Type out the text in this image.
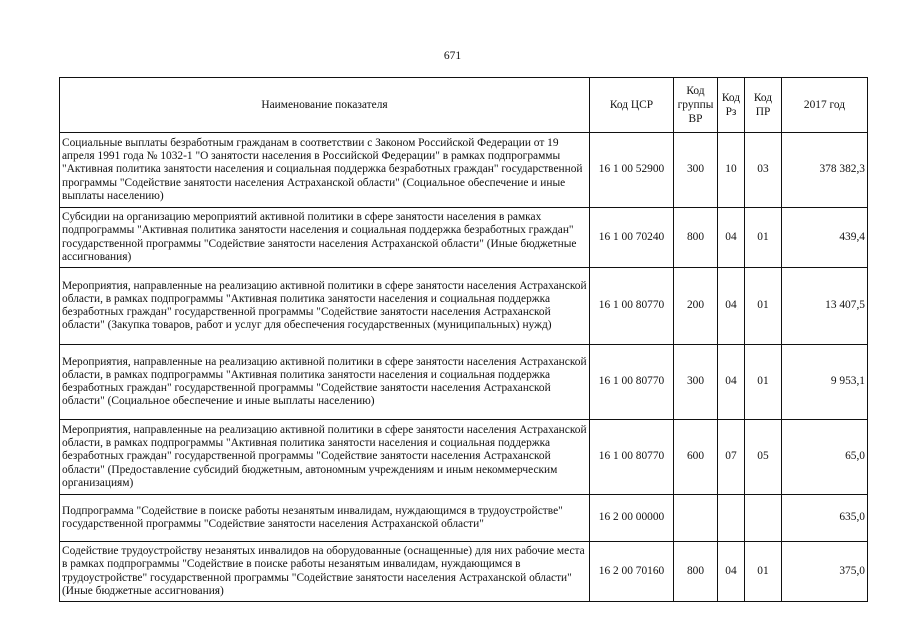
671
Наименование показателя	Код ЦСР	Код группы ВР	Код Рз	Код ПР	2017 год
Социальные выплаты безработным гражданам в соответствии с Законом Российской Федерации от 19 апреля 1991 года № 1032-1 "О занятости населения в Российской Федерации" в рамках подпрограммы "Активная политика занятости населения и социальная поддержка безработных граждан" государственной программы "Содействие занятости населения Астраханской области" (Социальное обеспечение и иные выплаты населению)	16 1 00 52900	300	10	03	378 382,3
Субсидии на организацию мероприятий активной политики в сфере занятости населения в рамках подпрограммы "Активная политика занятости населения и социальная поддержка безработных граждан" государственной программы "Содействие занятости населения Астраханской области" (Иные бюджетные ассигнования)	16 1 00 70240	800	04	01	439,4
Мероприятия, направленные на реализацию активной политики в сфере занятости населения Астраханской области, в рамках подпрограммы "Активная политика занятости населения и социальная поддержка безработных граждан" государственной программы "Содействие занятости населения Астраханской области" (Закупка товаров, работ и услуг для обеспечения государственных (муниципальных) нужд)	16 1 00 80770	200	04	01	13 407,5
Мероприятия, направленные на реализацию активной политики в сфере занятости населения Астраханской области, в рамках подпрограммы "Активная политика занятости населения и социальная поддержка безработных граждан" государственной программы "Содействие занятости населения Астраханской области" (Социальное обеспечение и иные выплаты населению)	16 1 00 80770	300	04	01	9 953,1
Мероприятия, направленные на реализацию активной политики в сфере занятости населения Астраханской области, в рамках подпрограммы "Активная политика занятости населения и социальная поддержка безработных граждан" государственной программы "Содействие занятости населения Астраханской области" (Предоставление субсидий бюджетным, автономным учреждениям и иным некоммерческим организациям)	16 1 00 80770	600	07	05	65,0
Подпрограмма "Содействие в поиске работы незанятым инвалидам, нуждающимся в трудоустройстве" государственной программы "Содействие занятости населения Астраханской области"	16 2 00 00000				635,0
Содействие трудоустройству незанятых инвалидов на оборудованные (оснащенные) для них рабочие места в рамках подпрограммы "Содействие в поиске работы незанятым инвалидам, нуждающимся в трудоустройстве" государственной программы "Содействие занятости населения Астраханской области" (Иные бюджетные ассигнования)	16 2 00 70160	800	04	01	375,0
